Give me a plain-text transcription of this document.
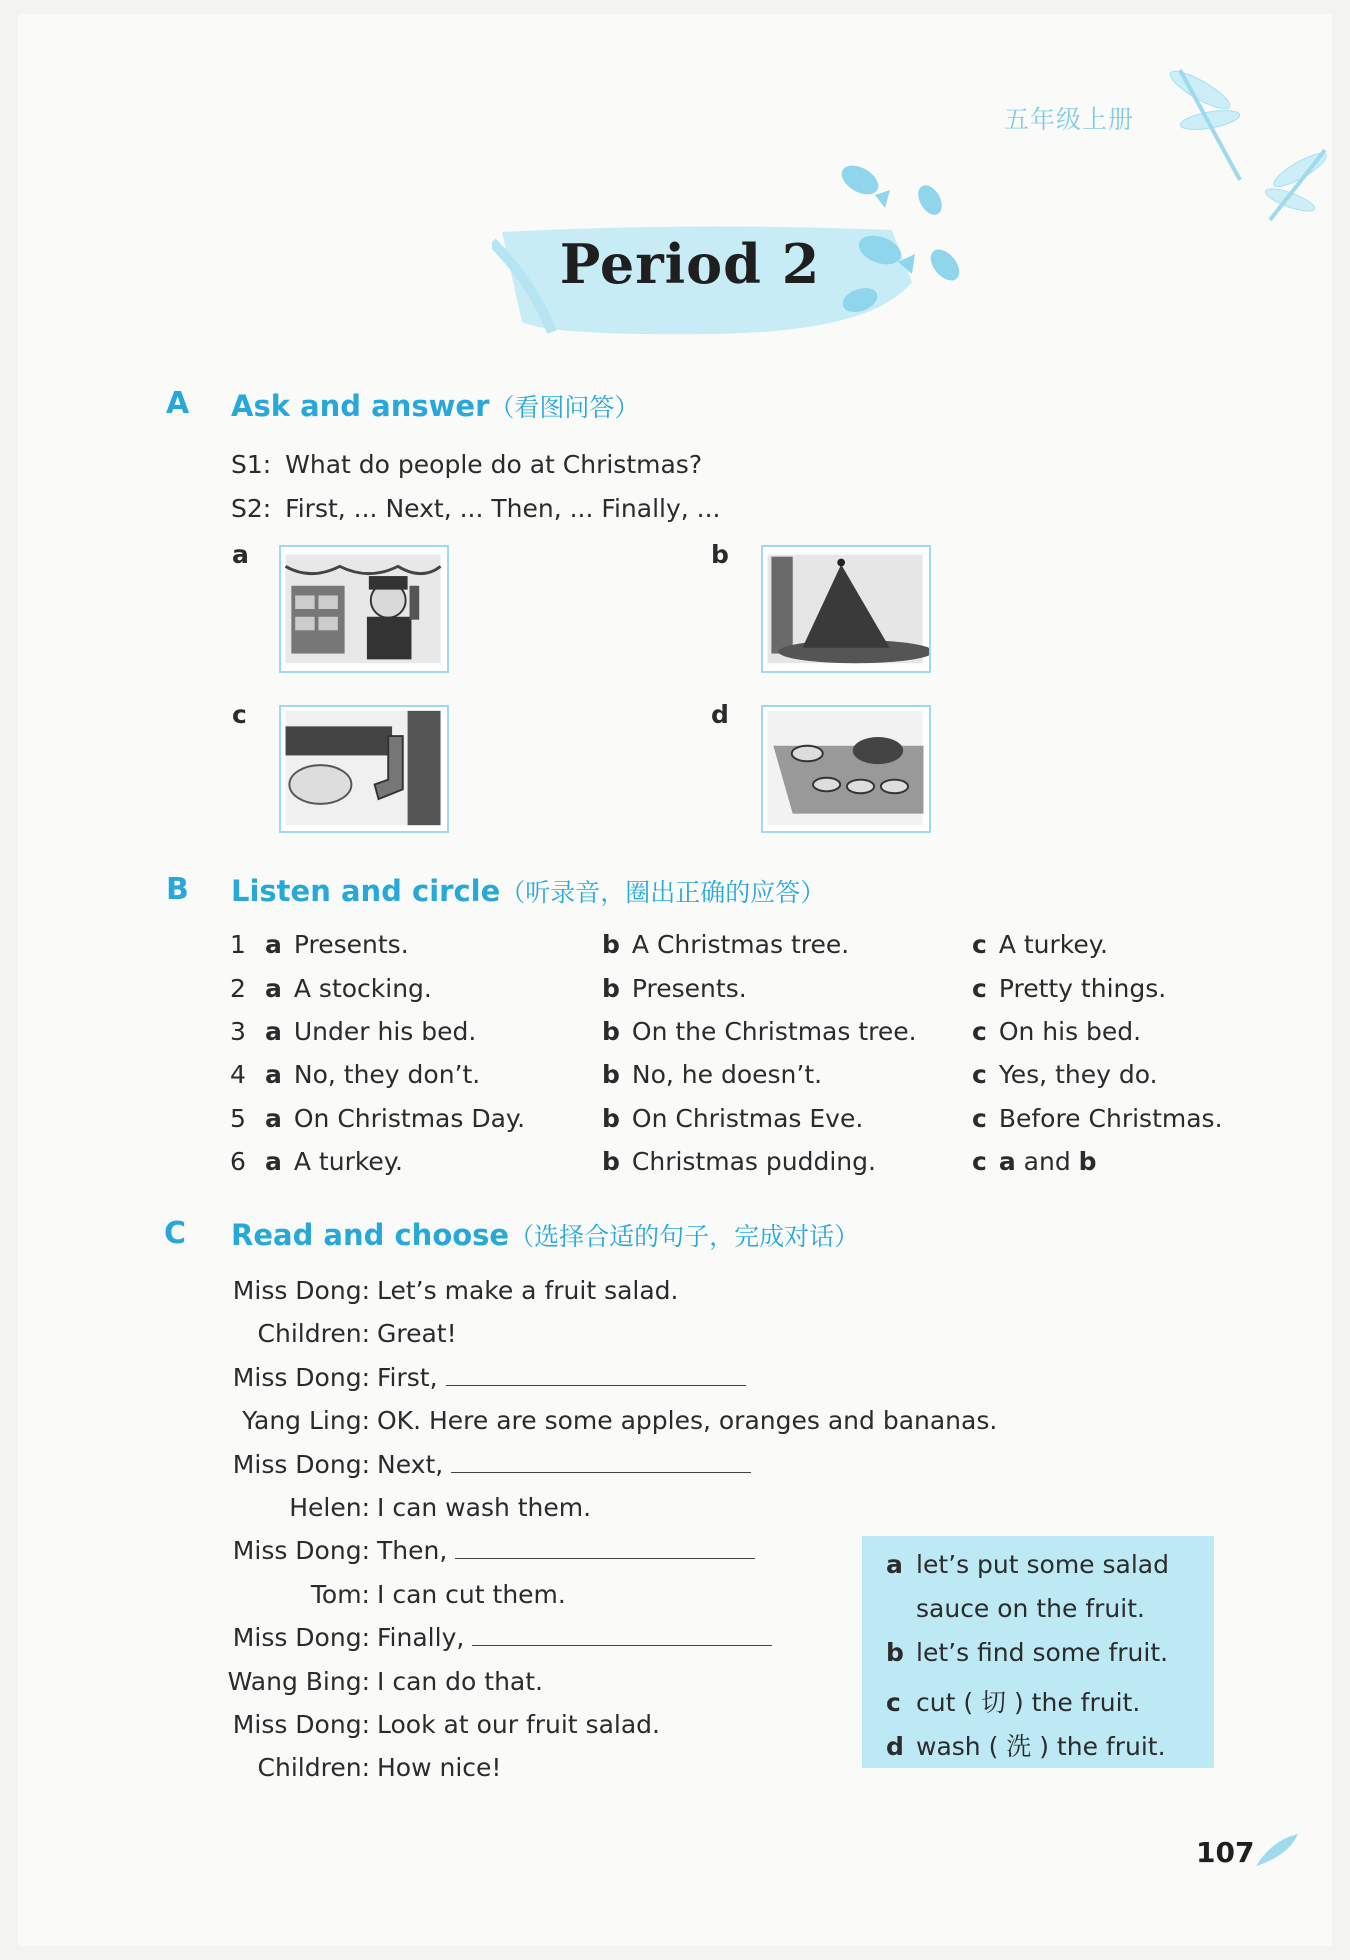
五年级上册
Period 2
A Ask and answer（看图问答）
S1: What do people do at Christmas?
S2: First, ... Next, ... Then, ... Finally, ...
a	b
c	d
B Listen and circle（听录音，圈出正确的应答）
1 a Presents.	b A Christmas tree.	c A turkey.
2 a A stocking.	b Presents.	c Pretty things.
3 a Under his bed.	b On the Christmas tree. c On his bed.
4 a No, they don’t.	b No, he doesn’t.	c Yes, they do.
5 a On Christmas Day.	b On Christmas Eve.	c Before Christmas.
6 a A turkey.	b Christmas pudding.	c a and b
C Read and choose（选择合适的句子，完成对话）
Miss Dong: Let’s make a fruit salad.
Children: Great!
Miss Dong: First,
Yang Ling: OK. Here are some apples, oranges and bananas.
Miss Dong: Next,
Helen: I can wash them.
Miss Dong: Then,
Tom: I can cut them.
Miss Dong: Finally,
Wang Bing: I can do that.
Miss Dong: Look at our fruit salad.
Children: How nice!
a let’s put some salad
sauce on the fruit.
b let’s find some fruit.
c cut ( 切 ) the fruit.
d wash ( 洗 ) the fruit.
107
